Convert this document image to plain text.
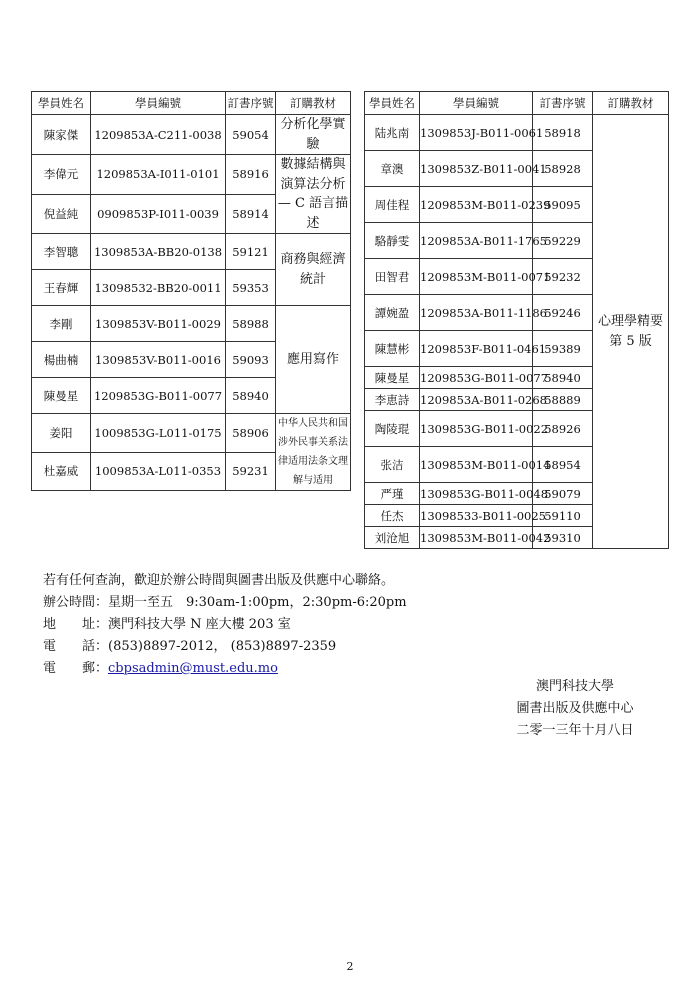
學員姓名	學員編號	訂書序號	訂購教材
陳家傑	1209853A-C211-0038	59054	分析化學實驗
李偉元	1209853A-I011-0101	58916	數據結構與演算法分析 — C 語言描述
倪益純	0909853P-I011-0039	58914	
李智聰	1309853A-BB20-0138	59121	商務與經濟統計
王春輝	13098532-BB20-0011	59353	
李剛	1309853V-B011-0029	58988	應用寫作
楊曲楠	1309853V-B011-0016	59093	
陳曼星	1209853G-B011-0077	58940	
姜阳	1009853G-L011-0175	58906	中华人民共和国涉外民事关系法律适用法条文理解与适用
杜嘉威	1009853A-L011-0353	59231	
學員姓名	學員編號	訂書序號	訂購教材
陆兆南	1309853J-B011-0061	58918	心理學精要
第 5 版

章澳	1309853Z-B011-0041	58928	
周佳程	1209853M-B011-0239	59095	
駱靜雯	1209853A-B011-1765	59229	
田智君	1209853M-B011-0071	59232	
譚婉盈	1209853A-B011-1186	59246	
陳慧彬	1209853F-B011-0461	59389	
陳曼星	1209853G-B011-0077	58940	
李恵詩	1209853A-B011-0268	58889	
陶陵琨	1309853G-B011-0022	58926	
张洁	1309853M-B011-0014	58954	
严瑾	1309853G-B011-0048	59079	
任杰	13098533-B011-0025	59110	
刘沧旭	1309853M-B011-0042	59310	
若有任何查詢，歡迎於辦公時間與圖書出版及供應中心聯絡。
辦公時間：星期一至五　9:30am-1:00pm，2:30pm-6:20pm
地　　址：澳門科技大學 N 座大樓 203 室
電　　話：(853)8897-2012， (853)8897-2359
電　　郵：cbpsadmin@must.edu.mo
澳門科技大學
圖書出版及供應中心
二零一三年十月八日
2
